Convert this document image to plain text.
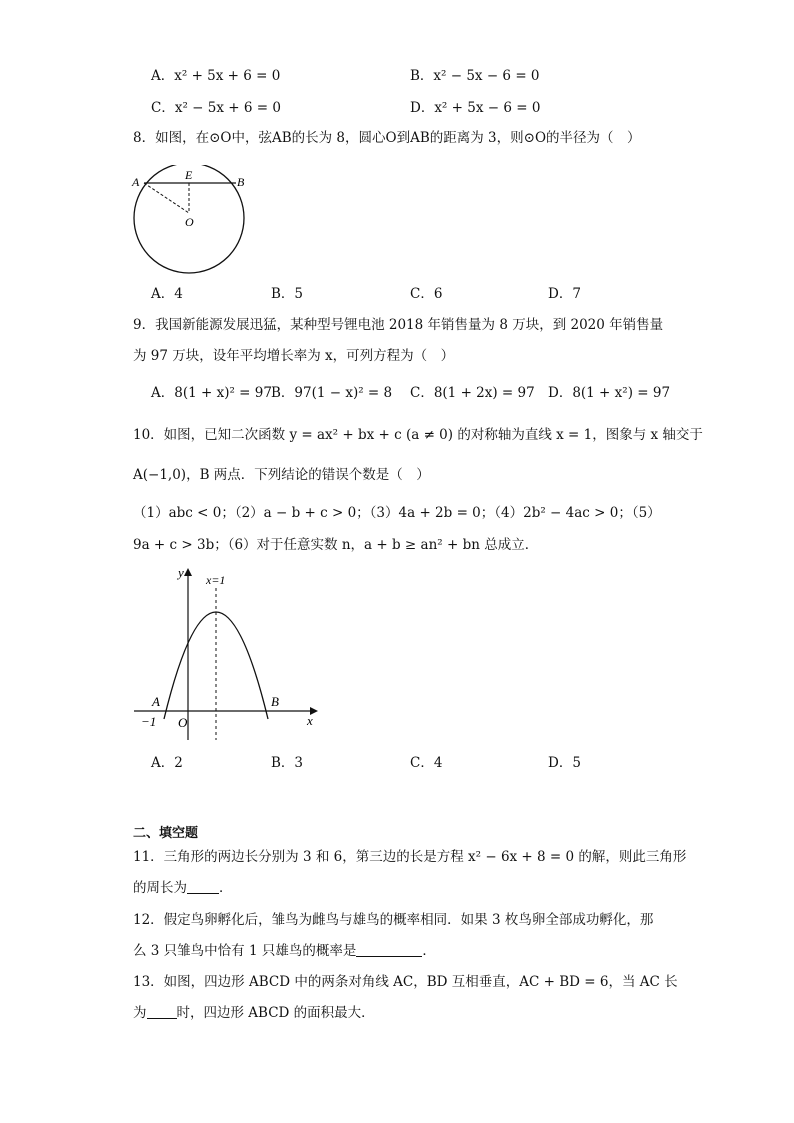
A．x² + 5x + 6 = 0	B．x² − 5x − 6 = 0
C．x² − 5x + 6 = 0	D．x² + 5x − 6 = 0
8．如图，在⊙O中，弦AB的长为 8，圆心O到AB的距离为 3，则⊙O的半径为（　）
A	E	B
O
A．4	B．5	C．6	D．7
9．我国新能源发展迅猛，某种型号锂电池 2018 年销售量为 8 万块，到 2020 年销售量
为 97 万块，设年平均增长率为 x，可列方程为（　）
A．8(1 + x)² = 97 B．97(1 − x)² = 8 C．8(1 + 2x) = 97 D．8(1 + x²) = 97
10．如图，已知二次函数 y = ax² + bx + c (a ≠ 0) 的对称轴为直线 x = 1，图象与 x 轴交于
A(−1,0)，B 两点．下列结论的错误个数是（　）
（1）abc < 0；（2）a − b + c > 0；（3）4a + 2b = 0；（4）2b² − 4ac > 0；（5）
9a + c > 3b；（6）对于任意实数 n，a + b ≥ an² + bn 总成立．
y
x
x=1
A	B
O
−1
A．2	B．3	C．4	D．5
二、填空题
11．三角形的两边长分别为 3 和 6，第三边的长是方程 x² − 6x + 8 = 0 的解，则此三角形
的周长为 ．
12．假定鸟卵孵化后，雏鸟为雌鸟与雄鸟的概率相同．如果 3 枚鸟卵全部成功孵化，那
么 3 只雏鸟中恰有 1 只雄鸟的概率是	．
13．如图，四边形 ABCD 中的两条对角线 AC，BD 互相垂直，AC + BD = 6，当 AC 长
为 时，四边形 ABCD 的面积最大．
